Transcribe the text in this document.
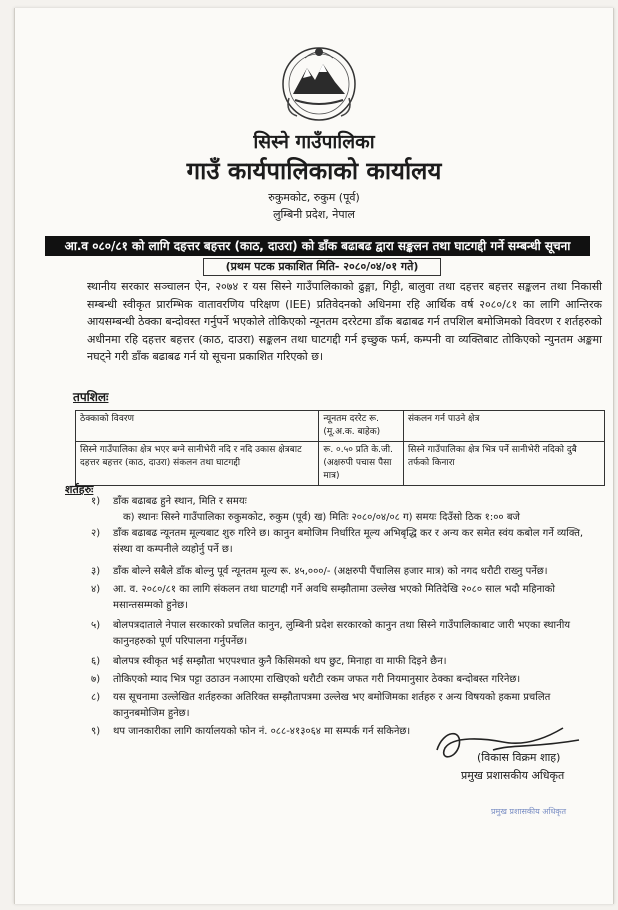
सिस्ने गाउँपालिका
गाउँ कार्यपालिकाको कार्यालय
रुकुमकोट, रुकुम (पूर्व)
लुम्बिनी प्रदेश, नेपाल
आ.व ०८०/८१ को लागि दहत्तर बहत्तर (काठ, दाउरा) को डाँक बढाबढ द्वारा सङ्कलन तथा घाटगद्दी गर्ने सम्बन्धी सूचना
(प्रथम पटक प्रकाशित मिति- २०८०/०४/०१ गते)
स्थानीय सरकार सञ्चालन ऐन, २०७४ र यस सिस्ने गाउँपालिकाको ढुङ्गा, गिट्टी, बालुवा तथा दहत्तर बहत्तर सङ्कलन तथा निकासी सम्बन्धी स्वीकृत प्रारम्भिक वातावरणिय परिक्षण (IEE) प्रतिवेदनको अधिनमा रहि आर्थिक वर्ष २०८०/८१ का लागि आन्तिरक आयसम्बन्धी ठेक्का बन्दोवस्त गर्नुपर्ने भएकोले तोकिएको न्यूनतम दररेटमा डाँक बढाबढ गर्न तपशिल बमोजिमको विवरण र शर्तहरुको अधीनमा रहि दहत्तर बहत्तर (काठ, दाउरा) सङ्कलन तथा घाटगद्दी गर्न इच्छुक फर्म, कम्पनी वा व्यक्तिबाट तोकिएको न्युनतम अङ्कमा नघट्ने गरी डाँक बढाबढ गर्न यो सूचना प्रकाशित गरिएको छ।
तपशिलः
ठेक्काको विवरण	न्यूनतम दररेट रू. (मू.अ.क. बाहेक)	संकलन गर्न पाउने क्षेत्र
सिस्ने गाउँपालिका क्षेत्र भएर बग्ने सानीभेरी नदि र नदि उकास क्षेत्रबाट दहत्तर बहत्तर (काठ, दाउरा) संकलन तथा घाटगद्दी	रू. ०.५० प्रति के.जी. (अक्षरुपी पचास पैसा मात्र)	सिस्ने गाउँपालिका क्षेत्र भित्र पर्ने सानीभेरी नदिको दुबै तर्फको किनारा
शर्तहरुः
१) डाँक बढाबढ हुने स्थान, मिति र समयः
क) स्थानः सिस्ने गाउँपालिका रुकुमकोट, रुकुम (पूर्व) ख) मितिः २०८०/०४/०८ ग) समयः दिउँसो ठिक १:०० बजे
२) डाँक बढाबढ न्यूनतम मूल्यबाट शुरु गरिने छ। कानुन बमोजिम निर्धारित मूल्य अभिबृद्धि कर र अन्य कर समेत स्वंय कबोल गर्ने व्यक्ति, संस्था वा कम्पनीले व्यहोर्नु पर्ने छ।
३) डाँक बोल्ने सबैले डाँक बोल्नु पूर्व न्यूनतम मूल्य रू. ४५,०००/- (अक्षरुपी पैंचालिस हजार मात्र) को नगद धरौटी राख्नु पर्नेछ।
४) आ. व. २०८०/८१ का लागि संकलन तथा घाटगद्दी गर्ने अवधि सम्झौतामा उल्लेख भएको मितिदेखि २०८० साल भदौ महिनाको मसान्तसम्मको हुनेछ।
५) बोलपत्रदाताले नेपाल सरकारको प्रचलित कानुन, लुम्बिनी प्रदेश सरकारको कानुन तथा सिस्ने गाउँपालिकाबाट जारी भएका स्थानीय कानुनहरुको पूर्ण परिपालना गर्नुपर्नेछ।
६) बोलपत्र स्वीकृत भई सम्झौता भएपश्चात कुनै किसिमको थप छुट, मिनाहा वा माफी दिइने छैन।
७) तोकिएको म्याद भित्र पट्टा उठाउन नआएमा राखिएको धरौटी रकम जफत गरी नियमानुसार ठेक्का बन्दोबस्त गरिनेछ।
८) यस सूचनामा उल्लेखित शर्तहरुका अतिरिक्त सम्झौतापत्रमा उल्लेख भए बमोजिमका शर्तहरु र अन्य विषयको हकमा प्रचलित कानुनबमोजिम हुनेछ।
९) थप जानकारीका लागि कार्यालयको फोन नं. ०८८-४१३०६४ मा सम्पर्क गर्न सकिनेछ।
(विकास विक्रम शाह)
प्रमुख प्रशासकीय अधिकृत
प्रमुख प्रशासकीय अधिकृत
